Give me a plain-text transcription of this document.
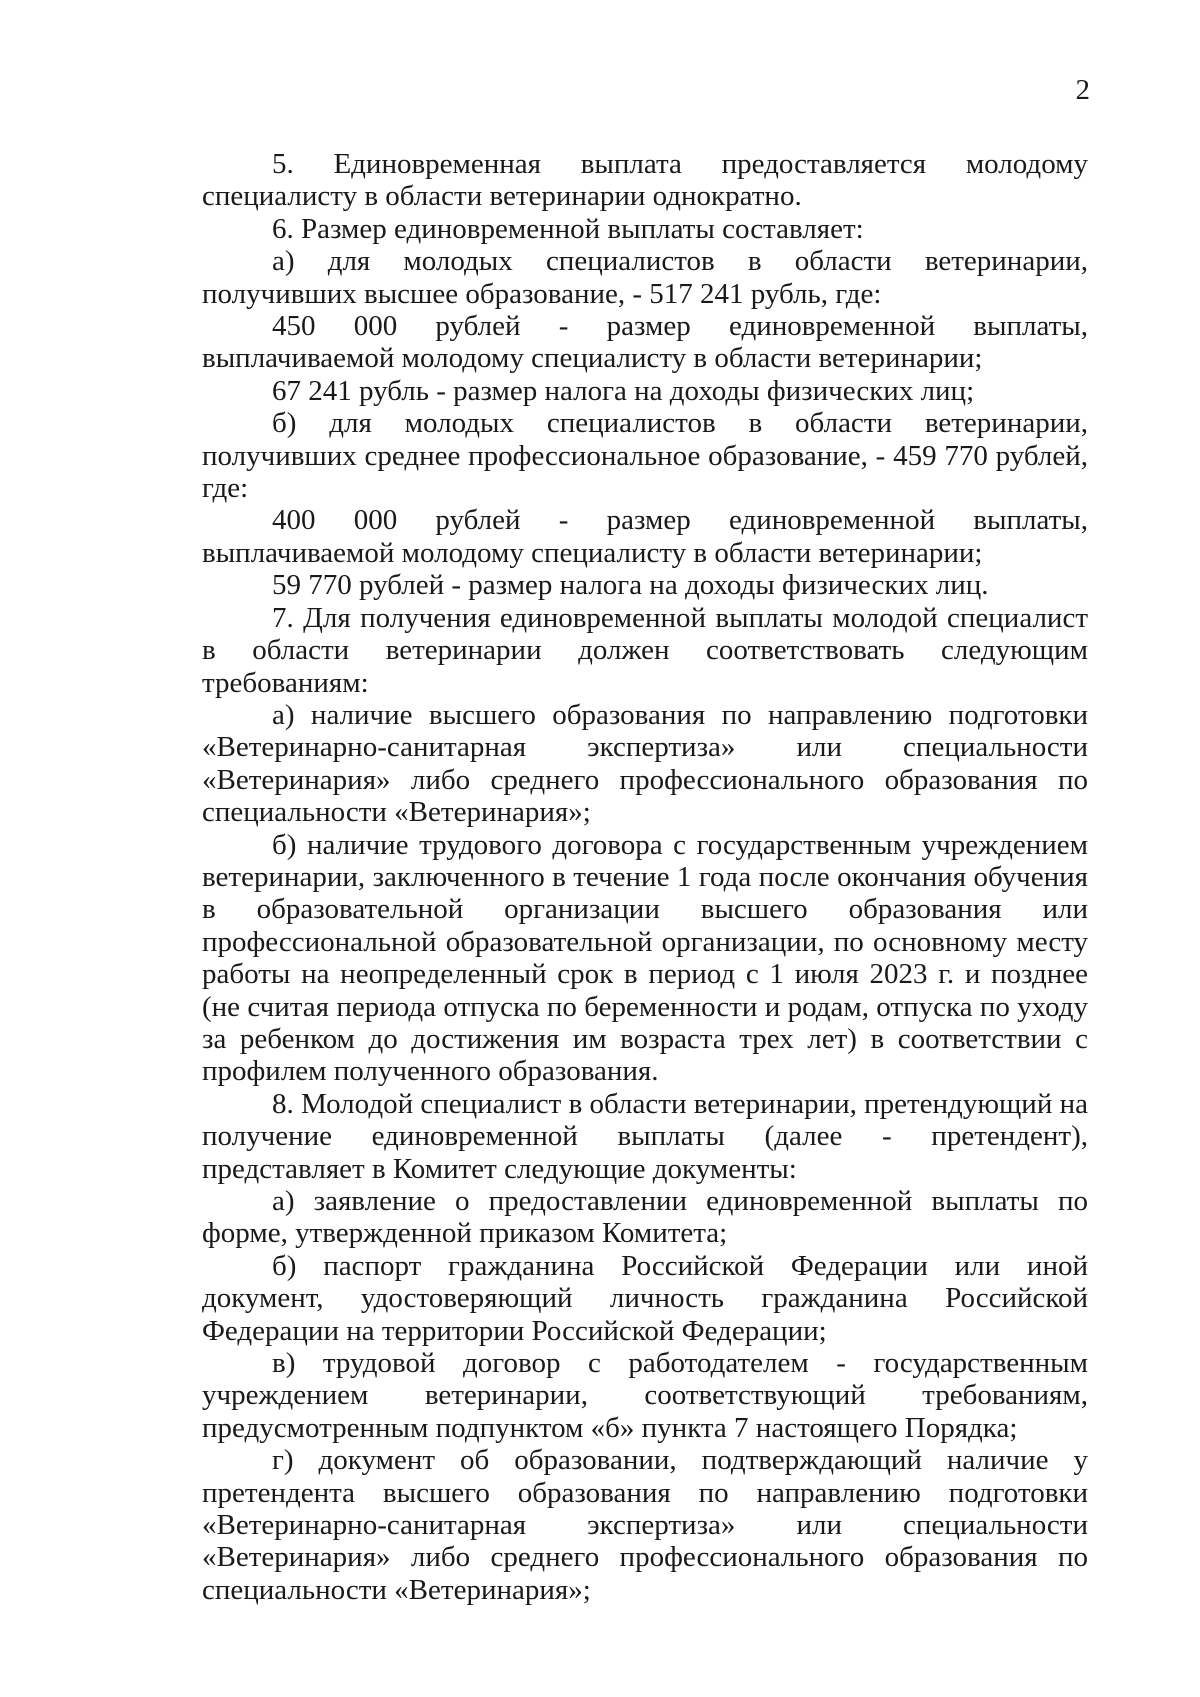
2

5. Единовременная выплата предоставляется молодому специалисту в области ветеринарии однократно.

6. Размер единовременной выплаты составляет:

а) для молодых специалистов в области ветеринарии, получивших высшее образование, - 517 241 рубль, где:

450 000 рублей - размер единовременной выплаты, выплачиваемой молодому специалисту в области ветеринарии;

67 241 рубль - размер налога на доходы физических лиц;

б) для молодых специалистов в области ветеринарии, получивших среднее профессиональное образование, - 459 770 рублей, где:

400 000 рублей - размер единовременной выплаты, выплачиваемой молодому специалисту в области ветеринарии;

59 770 рублей - размер налога на доходы физических лиц.

7. Для получения единовременной выплаты молодой специалист в области ветеринарии должен соответствовать следующим требованиям:

а) наличие высшего образования по направлению подготовки «Ветеринарно-санитарная экспертиза» или специальности «Ветеринария» либо среднего профессионального образования по специальности «Ветеринария»;

б) наличие трудового договора с государственным учреждением ветеринарии, заключенного в течение 1 года после окончания обучения в образовательной организации высшего образования или профессиональной образовательной организации, по основному месту работы на неопределенный срок в период с 1 июля 2023 г. и позднее (не считая периода отпуска по беременности и родам, отпуска по уходу за ребенком до достижения им возраста трех лет) в соответствии с профилем полученного образования.

8. Молодой специалист в области ветеринарии, претендующий на получение единовременной выплаты (далее - претендент), представляет в Комитет следующие документы:

а) заявление о предоставлении единовременной выплаты по форме, утвержденной приказом Комитета;

б) паспорт гражданина Российской Федерации или иной документ, удостоверяющий личность гражданина Российской Федерации на территории Российской Федерации;

в) трудовой договор с работодателем - государственным учреждением ветеринарии, соответствующий требованиям, предусмотренным подпунктом «б» пункта 7 настоящего Порядка;

г) документ об образовании, подтверждающий наличие у претендента высшего образования по направлению подготовки «Ветеринарно-санитарная экспертиза» или специальности «Ветеринария» либо среднего профессионального образования по специальности «Ветеринария»;
